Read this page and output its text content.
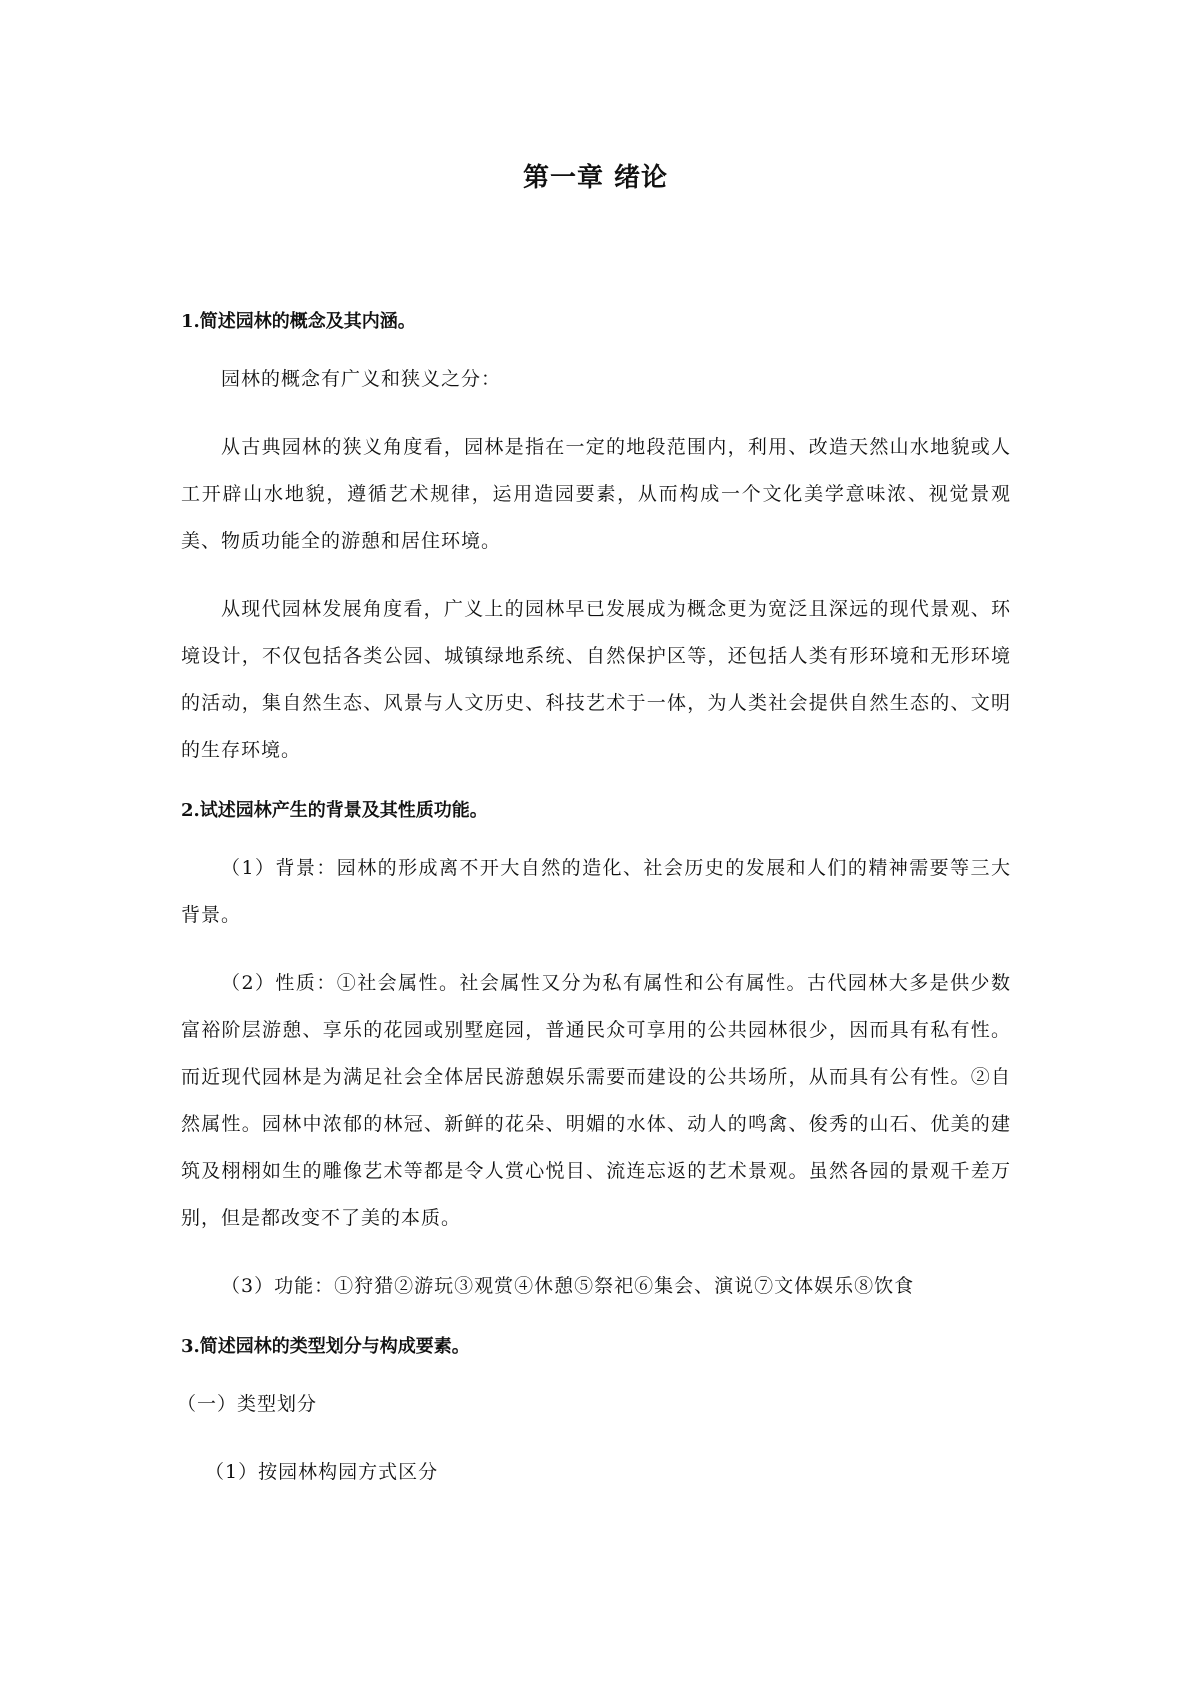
第一章 绪论

1.简述园林的概念及其内涵。

园林的概念有广义和狭义之分：

从古典园林的狭义角度看，园林是指在一定的地段范围内，利用、改造天然山水地貌或人工开辟山水地貌，遵循艺术规律，运用造园要素，从而构成一个文化美学意味浓、视觉景观美、物质功能全的游憩和居住环境。

从现代园林发展角度看，广义上的园林早已发展成为概念更为宽泛且深远的现代景观、环境设计，不仅包括各类公园、城镇绿地系统、自然保护区等，还包括人类有形环境和无形环境的活动，集自然生态、风景与人文历史、科技艺术于一体，为人类社会提供自然生态的、文明的生存环境。

2.试述园林产生的背景及其性质功能。

（1）背景：园林的形成离不开大自然的造化、社会历史的发展和人们的精神需要等三大背景。

（2）性质：①社会属性。社会属性又分为私有属性和公有属性。古代园林大多是供少数富裕阶层游憩、享乐的花园或别墅庭园，普通民众可享用的公共园林很少，因而具有私有性。而近现代园林是为满足社会全体居民游憩娱乐需要而建设的公共场所，从而具有公有性。②自然属性。园林中浓郁的林冠、新鲜的花朵、明媚的水体、动人的鸣禽、俊秀的山石、优美的建筑及栩栩如生的雕像艺术等都是令人赏心悦目、流连忘返的艺术景观。虽然各园的景观千差万别，但是都改变不了美的本质。

（3）功能：①狩猎②游玩③观赏④休憩⑤祭祀⑥集会、演说⑦文体娱乐⑧饮食

3.简述园林的类型划分与构成要素。

（一）类型划分

（1）按园林构园方式区分
